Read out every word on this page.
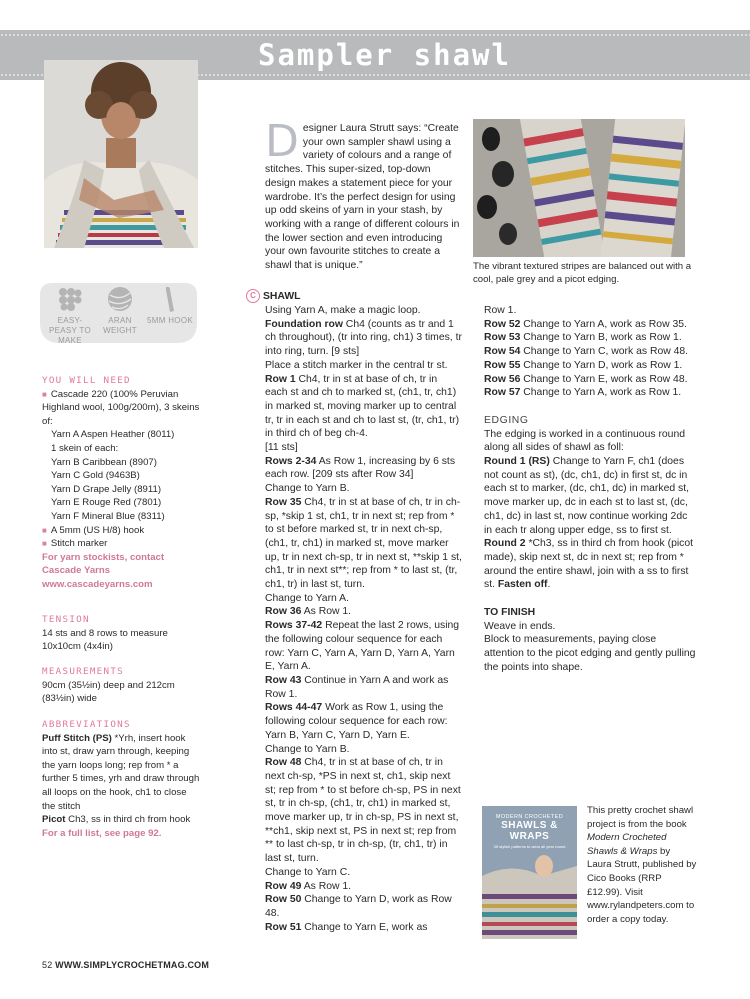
Sampler shawl
EASY-PEASY TO MAKE
ARAN WEIGHT
5MM HOOK
YOU WILL NEED
■ Cascade 220 (100% Peruvian Highland wool, 100g/200m), 3 skeins of:
Yarn A Aspen Heather (8011)
1 skein of each:
Yarn B Caribbean (8907)
Yarn C Gold (9463B)
Yarn D Grape Jelly (8911)
Yarn E Rouge Red (7801)
Yarn F Mineral Blue (8311)
■ A 5mm (US H/8) hook
■ Stitch marker
For yarn stockists, contact Cascade Yarns
www.cascadeyarns.com
TENSION
14 sts and 8 rows to measure 10x10cm (4x4in)
MEASUREMENTS
90cm (35½in) deep and 212cm (83½in) wide
ABBREVIATIONS
Puff Stitch (PS) *Yrh, insert hook into st, draw yarn through, keeping the yarn loops long; rep from * a further 5 times, yrh and draw through all loops on the hook, ch1 to close the stitch
Picot Ch3, ss in third ch from hook
For a full list, see page 92.
Designer Laura Strutt says: “Create your own sampler shawl using a variety of colours and a range of stitches. This super-sized, top-down design makes a statement piece for your wardrobe. It’s the perfect design for using up odd skeins of yarn in your stash, by working with a range of different colours in the lower section and even introducing your own favourite stitches to create a shawl that is unique.”
C SHAWL
Using Yarn A, make a magic loop.
Foundation row Ch4 (counts as tr and 1 ch throughout), (tr into ring, ch1) 3 times, tr into ring, turn. [9 sts]
Place a stitch marker in the central tr st.
Row 1 Ch4, tr in st at base of ch, tr in each st and ch to marked st, (ch1, tr, ch1) in marked st, moving marker up to central tr, tr in each st and ch to last st, (tr, ch1, tr) in third ch of beg ch-4.
[11 sts]
Rows 2-34 As Row 1, increasing by 6 sts each row. [209 sts after Row 34]
Change to Yarn B.
Row 35 Ch4, tr in st at base of ch, tr in ch-sp, *skip 1 st, ch1, tr in next st; rep from * to st before marked st, tr in next ch-sp, (ch1, tr, ch1) in marked st, move marker up, tr in next ch-sp, tr in next st, **skip 1 st, ch1, tr in next st**; rep from * to last st, (tr, ch1, tr) in last st, turn.
Change to Yarn A.
Row 36 As Row 1.
Rows 37-42 Repeat the last 2 rows, using the following colour sequence for each row: Yarn C, Yarn A, Yarn D, Yarn A, Yarn E, Yarn A.
Row 43 Continue in Yarn A and work as Row 1.
Rows 44-47 Work as Row 1, using the following colour sequence for each row: Yarn B, Yarn C, Yarn D, Yarn E.
Change to Yarn B.
Row 48 Ch4, tr in st at base of ch, tr in next ch-sp, *PS in next st, ch1, skip next st; rep from * to st before ch-sp, PS in next st, tr in ch-sp, (ch1, tr, ch1) in marked st, move marker up, tr in ch-sp, PS in next st, **ch1, skip next st, PS in next st; rep from ** to last ch-sp, tr in ch-sp, (tr, ch1, tr) in last st, turn.
Change to Yarn C.
Row 49 As Row 1.
Row 50 Change to Yarn D, work as Row 48.
Row 51 Change to Yarn E, work as
The vibrant textured stripes are balanced out with a cool, pale grey and a picot edging.
Row 1.
Row 52 Change to Yarn A, work as Row 35.
Row 53 Change to Yarn B, work as Row 1.
Row 54 Change to Yarn C, work as Row 48.
Row 55 Change to Yarn D, work as Row 1.
Row 56 Change to Yarn E, work as Row 48.
Row 57 Change to Yarn A, work as Row 1.
EDGING
The edging is worked in a continuous round along all sides of shawl as foll:
Round 1 (RS) Change to Yarn F, ch1 (does not count as st), (dc, ch1, dc) in first st, dc in each st to marker, (dc, ch1, dc) in marked st, move marker up, dc in each st to last st, (dc, ch1, dc) in last st, now continue working 2dc in each tr along upper edge, ss to first st.
Round 2 *Ch3, ss in third ch from hook (picot made), skip next st, dc in next st; rep from * around the entire shawl, join with a ss to first st. Fasten off.
TO FINISH
Weave in ends.
Block to measurements, paying close attention to the picot edging and gently pulling the points into shape.
MODERN CROCHETED
SHAWLS & WRAPS
35 stylish patterns to wear all year round
This pretty crochet shawl project is from the book Modern Crocheted Shawls & Wraps by Laura Strutt, published by Cico Books (RRP £12.99). Visit www.rylandpeters.com to order a copy today.
52 WWW.SIMPLYCROCHETMAG.COM
